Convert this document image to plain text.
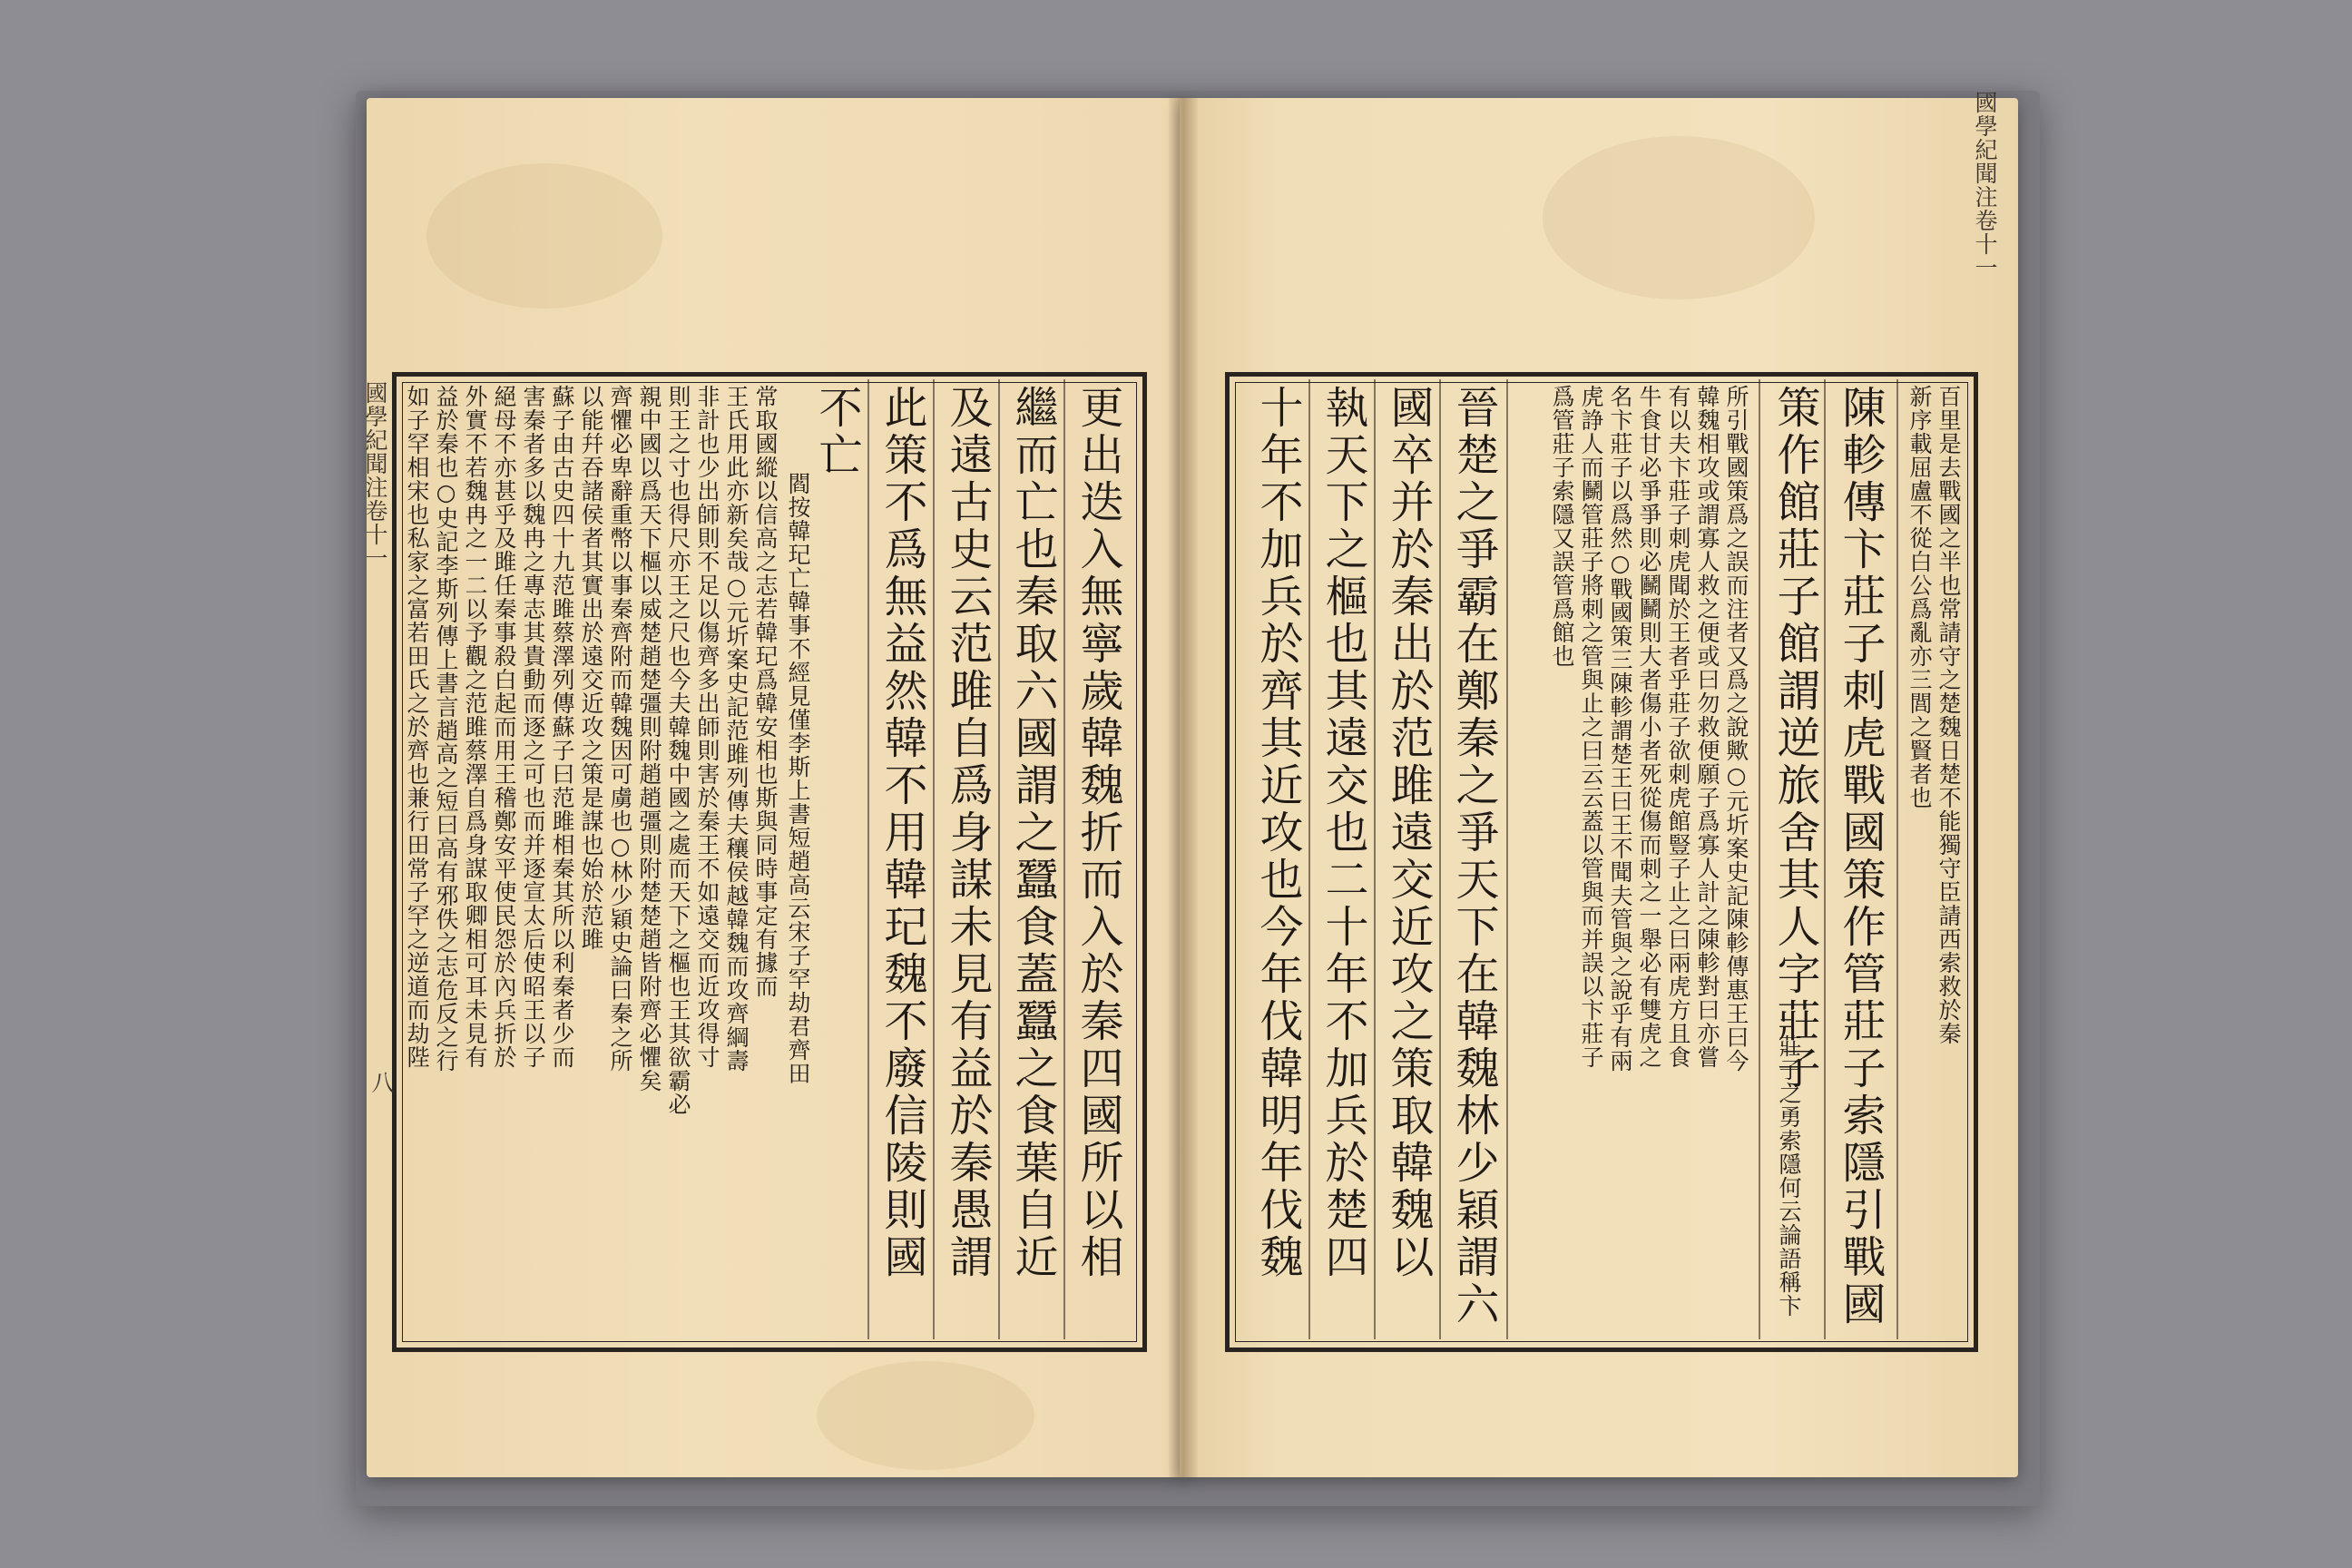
國學紀聞注卷十一
八
如子罕相宋也私家之富若田氏之於齊也兼行田常子罕之逆道而劫陛 益於秦也○史記李斯列傳上書言趙高之短曰高有邪佚之志危反之行 外實不若魏冉之一二以予觀之范雎蔡澤自爲身謀取卿相可耳未見有 絕母不亦甚乎及雎任秦事殺白起而用王稽鄭安平使民怨於內兵折於 害秦者多以魏冉之專志其貴動而逐之可也而并逐宣太后使昭王以子 蘇子由古史四十九范雎蔡澤列傳蘇子曰范雎相秦其所以利秦者少而 以能幷吞諸侯者其實出於遠交近攻之策是謀也始於范雎 齊懼必卑辭重幣以事秦齊附而韓魏因可虜也○林少穎史論曰秦之所 親中國以爲天下樞以威楚趙楚彊則附趙趙彊則附楚楚趙皆附齊必懼矣 則王之寸也得尺亦王之尺也今夫韓魏中國之處而天下之樞也王其欲霸必 非計也少出師則不足以傷齊多出師則害於秦王不如遠交而近攻得寸 王氏用此亦新矣哉○元圻案史記范雎列傳夫穰侯越韓魏而攻齊綱壽 常取國縱以信高之志若韓玘爲韓安相也斯與同時事定有據而 閻按韓玘亡韓事不經見僅李斯上書短趙高云宋子罕劫君齊田
不亡 此策不爲無益然韓不用韓玘魏不廢信陵則國 及遠古史云范雎自爲身謀未見有益於秦愚謂 繼而亡也秦取六國謂之蠶食蓋蠶之食葉自近 更出迭入無寧歲韓魏折而入於秦四國所以相
國學紀聞注卷十一
百里是去戰國之半也常請守之楚魏日楚不能獨守臣請西索救於秦
新序載屈盧不從白公爲亂亦三閭之賢者也
陳軫傳卞莊子刺虎戰國策作管莊子索隱引戰國
策作館莊子館謂逆旅舍其人字莊子
莊子之勇索隱何云論語稱卞
所引戰國策爲之誤而注者又爲之說歟○元圻案史記陳軫傳惠王曰今
韓魏相攻或謂寡人救之便或曰勿救便願子爲寡人計之陳軫對曰亦嘗
有以夫卞莊子刺虎聞於王者乎莊子欲刺虎館豎子止之曰兩虎方且食
牛食甘必爭爭則必鬭鬭則大者傷小者死從傷而刺之一舉必有雙虎之
名卞莊子以爲然○戰國策三陳軫謂楚王曰王不聞夫管與之說乎有兩
虎諍人而鬭管莊子將刺之管與止之曰云云蓋以管與而并誤以卞莊子
爲管莊子索隱又誤管爲館也
晉楚之爭霸在鄭秦之爭天下在韓魏林少穎謂六
國卒并於秦出於范雎遠交近攻之策取韓魏以
執天下之樞也其遠交也二十年不加兵於楚四
十年不加兵於齊其近攻也今年伐韓明年伐魏
